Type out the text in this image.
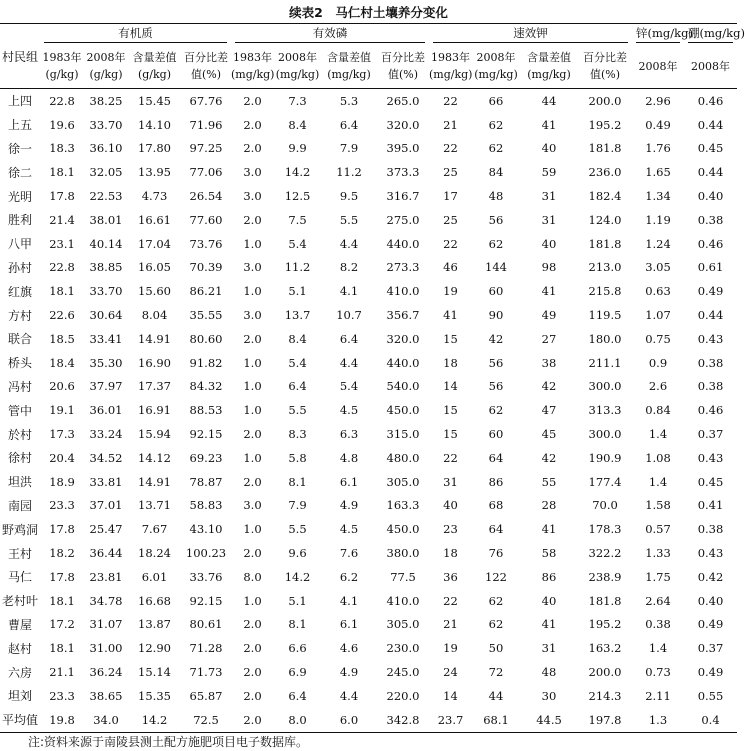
续表2　马仁村土壤养分变化
村民组	有机质				有效磷				速效钾				锌(mg/kg)	硼(mg/kg)

	1983年(g/kg)	2008年(g/kg)	含量差值(g/kg)	百分比差值(%)	1983年(mg/kg)	2008年(mg/kg)	含量差值(mg/kg)	百分比差值(%)	1983年(mg/kg)	2008年(mg/kg)	含量差值(mg/kg)	百分比差值(%)	2008年	2008年
上四	22.8	38.25	15.45	67.76	2.0	7.3	5.3	265.0	22	66	44	200.0	2.96	0.46
上五	19.6	33.70	14.10	71.96	2.0	8.4	6.4	320.0	21	62	41	195.2	0.49	0.44
徐一	18.3	36.10	17.80	97.25	2.0	9.9	7.9	395.0	22	62	40	181.8	1.76	0.45
徐二	18.1	32.05	13.95	77.06	3.0	14.2	11.2	373.3	25	84	59	236.0	1.65	0.44
光明	17.8	22.53	4.73	26.54	3.0	12.5	9.5	316.7	17	48	31	182.4	1.34	0.40
胜利	21.4	38.01	16.61	77.60	2.0	7.5	5.5	275.0	25	56	31	124.0	1.19	0.38
八甲	23.1	40.14	17.04	73.76	1.0	5.4	4.4	440.0	22	62	40	181.8	1.24	0.46
孙村	22.8	38.85	16.05	70.39	3.0	11.2	8.2	273.3	46	144	98	213.0	3.05	0.61
红旗	18.1	33.70	15.60	86.21	1.0	5.1	4.1	410.0	19	60	41	215.8	0.63	0.49
方村	22.6	30.64	8.04	35.55	3.0	13.7	10.7	356.7	41	90	49	119.5	1.07	0.44
联合	18.5	33.41	14.91	80.60	2.0	8.4	6.4	320.0	15	42	27	180.0	0.75	0.43
桥头	18.4	35.30	16.90	91.82	1.0	5.4	4.4	440.0	18	56	38	211.1	0.9	0.38
冯村	20.6	37.97	17.37	84.32	1.0	6.4	5.4	540.0	14	56	42	300.0	2.6	0.38
管中	19.1	36.01	16.91	88.53	1.0	5.5	4.5	450.0	15	62	47	313.3	0.84	0.46
於村	17.3	33.24	15.94	92.15	2.0	8.3	6.3	315.0	15	60	45	300.0	1.4	0.37
徐村	20.4	34.52	14.12	69.23	1.0	5.8	4.8	480.0	22	64	42	190.9	1.08	0.43
坦洪	18.9	33.81	14.91	78.87	2.0	8.1	6.1	305.0	31	86	55	177.4	1.4	0.45
南园	23.3	37.01	13.71	58.83	3.0	7.9	4.9	163.3	40	68	28	70.0	1.58	0.41
野鸡洞	17.8	25.47	7.67	43.10	1.0	5.5	4.5	450.0	23	64	41	178.3	0.57	0.38
王村	18.2	36.44	18.24	100.23	2.0	9.6	7.6	380.0	18	76	58	322.2	1.33	0.43
马仁	17.8	23.81	6.01	33.76	8.0	14.2	6.2	77.5	36	122	86	238.9	1.75	0.42
老村叶	18.1	34.78	16.68	92.15	1.0	5.1	4.1	410.0	22	62	40	181.8	2.64	0.40
曹屋	17.2	31.07	13.87	80.61	2.0	8.1	6.1	305.0	21	62	41	195.2	0.38	0.49
赵村	18.1	31.00	12.90	71.28	2.0	6.6	4.6	230.0	19	50	31	163.2	1.4	0.37
六房	21.1	36.24	15.14	71.73	2.0	6.9	4.9	245.0	24	72	48	200.0	0.73	0.49
坦刘	23.3	38.65	15.35	65.87	2.0	6.4	4.4	220.0	14	44	30	214.3	2.11	0.55
平均值	19.8	34.0	14.2	72.5	2.0	8.0	6.0	342.8	23.7	68.1	44.5	197.8	1.3	0.4
注:资料来源于南陵县测土配方施肥项目电子数据库。
